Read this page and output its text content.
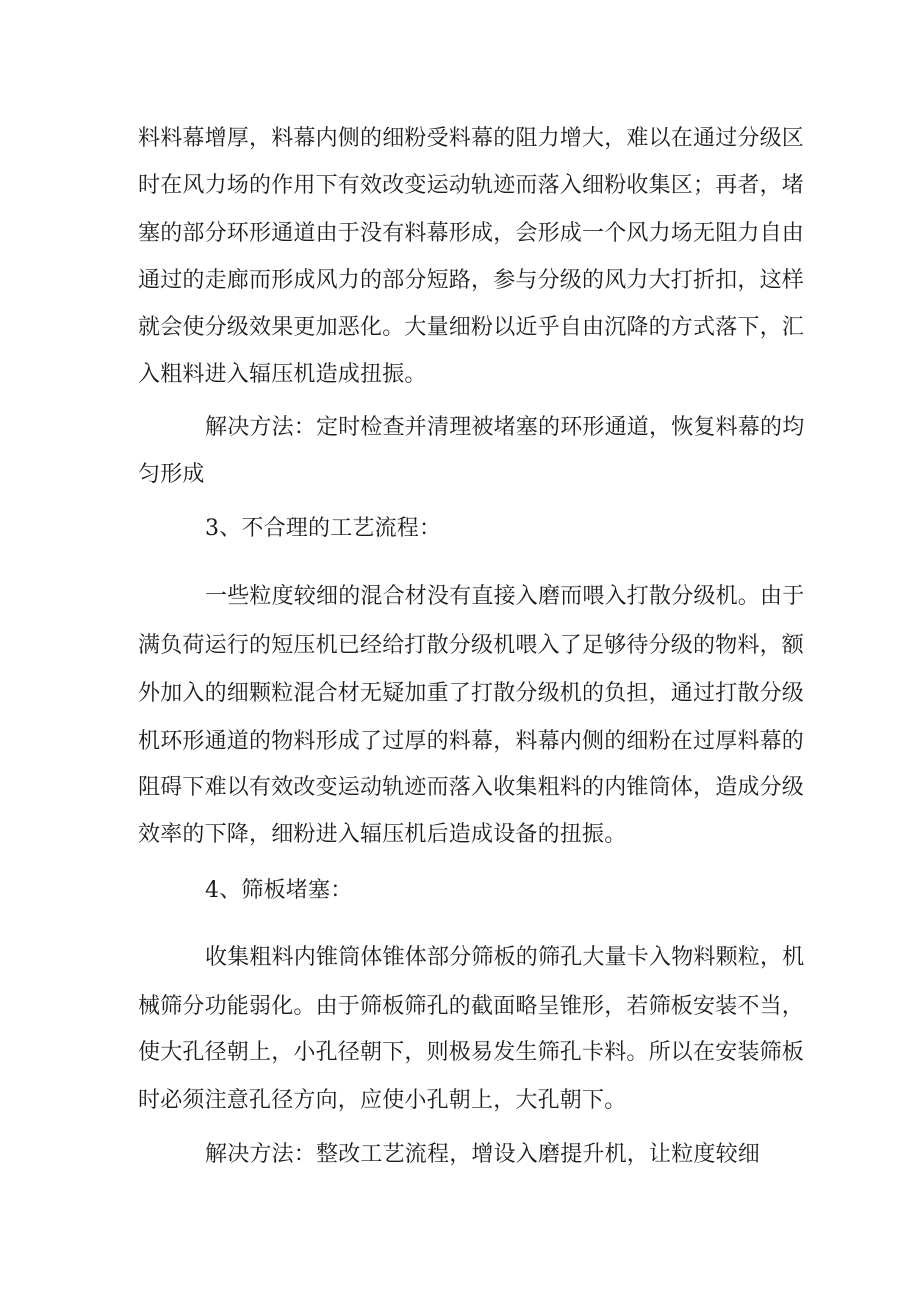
料料幕增厚，料幕内侧的细粉受料幕的阻力增大，难以在通过分级区
时在风力场的作用下有效改变运动轨迹而落入细粉收集区；再者，堵
塞的部分环形通道由于没有料幕形成，会形成一个风力场无阻力自由
通过的走廊而形成风力的部分短路，参与分级的风力大打折扣，这样
就会使分级效果更加恶化。大量细粉以近乎自由沉降的方式落下，汇
入粗料进入辐压机造成扭振。
解决方法：定时检查并清理被堵塞的环形通道，恢复料幕的均
匀形成
3、不合理的工艺流程：
一些粒度较细的混合材没有直接入磨而喂入打散分级机。由于
满负荷运行的短压机已经给打散分级机喂入了足够待分级的物料，额
外加入的细颗粒混合材无疑加重了打散分级机的负担，通过打散分级
机环形通道的物料形成了过厚的料幕，料幕内侧的细粉在过厚料幕的
阻碍下难以有效改变运动轨迹而落入收集粗料的内锥筒体，造成分级
效率的下降，细粉进入辐压机后造成设备的扭振。
4、筛板堵塞：
收集粗料内锥筒体锥体部分筛板的筛孔大量卡入物料颗粒，机
械筛分功能弱化。由于筛板筛孔的截面略呈锥形，若筛板安装不当，
使大孔径朝上，小孔径朝下，则极易发生筛孔卡料。所以在安装筛板
时必须注意孔径方向，应使小孔朝上，大孔朝下。
解决方法：整改工艺流程，增设入磨提升机，让粒度较细
